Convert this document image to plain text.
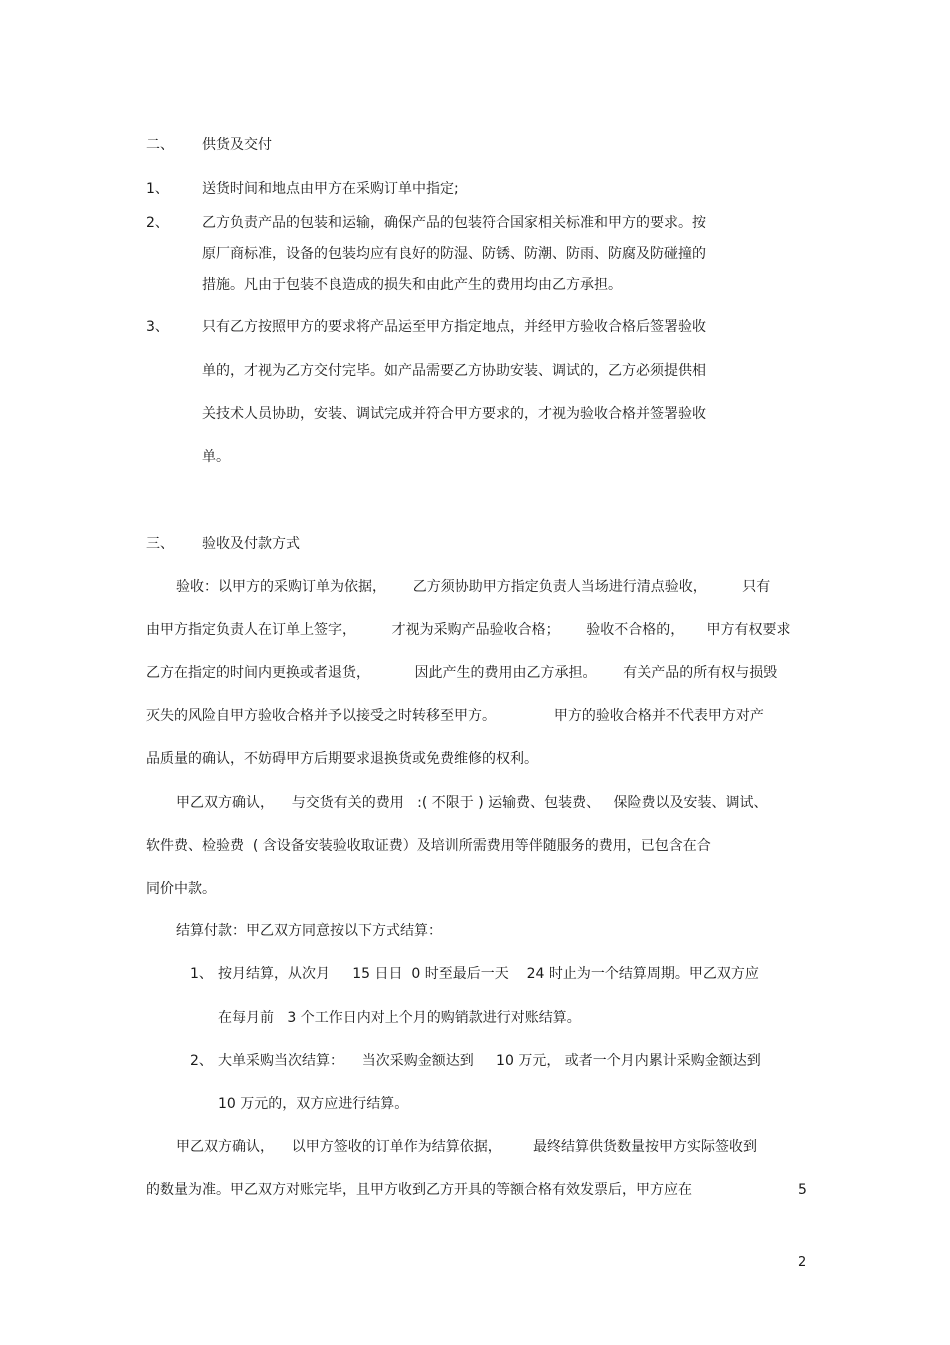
二、 供货及交付
1、 送货时间和地点由甲方在采购订单中指定;
2、 乙方负责产品的包装和运输，确保产品的包装符合国家相关标准和甲方的要求。按
原厂商标准，设备的包装均应有良好的防湿、防锈、防潮、防雨、防腐及防碰撞的
措施。凡由于包装不良造成的损失和由此产生的费用均由乙方承担。
3、 只有乙方按照甲方的要求将产品运至甲方指定地点，并经甲方验收合格后签署验收
单的，才视为乙方交付完毕。如产品需要乙方协助安装、调试的，乙方必须提供相
关技术人员协助，安装、调试完成并符合甲方要求的，才视为验收合格并签署验收
单。
三、 验收及付款方式
验收：以甲方的采购订单为依据，      乙方须协助甲方指定负责人当场进行清点验收，        只有
由甲方指定负责人在订单上签字，        才视为采购产品验收合格；      验收不合格的，     甲方有权要求
乙方在指定的时间内更换或者退货，          因此产生的费用由乙方承担。      有关产品的所有权与损毁
灭失的风险自甲方验收合格并予以接受之时转移至甲方。             甲方的验收合格并不代表甲方对产
品质量的确认，不妨碍甲方后期要求退换货或免费维修的权利。
甲乙双方确认，    与交货有关的费用   :( 不限于 ) 运输费、包装费、   保险费以及安装、调试、
软件费、检验费  ( 含设备安装验收取证费）及培训所需费用等伴随服务的费用，已包含在合
同价中款。
结算付款：甲乙双方同意按以下方式结算：
1、 按月结算，从次月     15 日日  0 时至最后一天    24 时止为一个结算周期。甲乙双方应
在每月前   3 个工作日内对上个月的购销款进行对账结算。
2、 大单采购当次结算：    当次采购金额达到     10 万元， 或者一个月内累计采购金额达到
10 万元的，双方应进行结算。
甲乙双方确认，    以甲方签收的订单作为结算依据，       最终结算供货数量按甲方实际签收到
的数量为准。甲乙双方对账完毕，且甲方收到乙方开具的等额合格有效发票后，甲方应在	5
2
